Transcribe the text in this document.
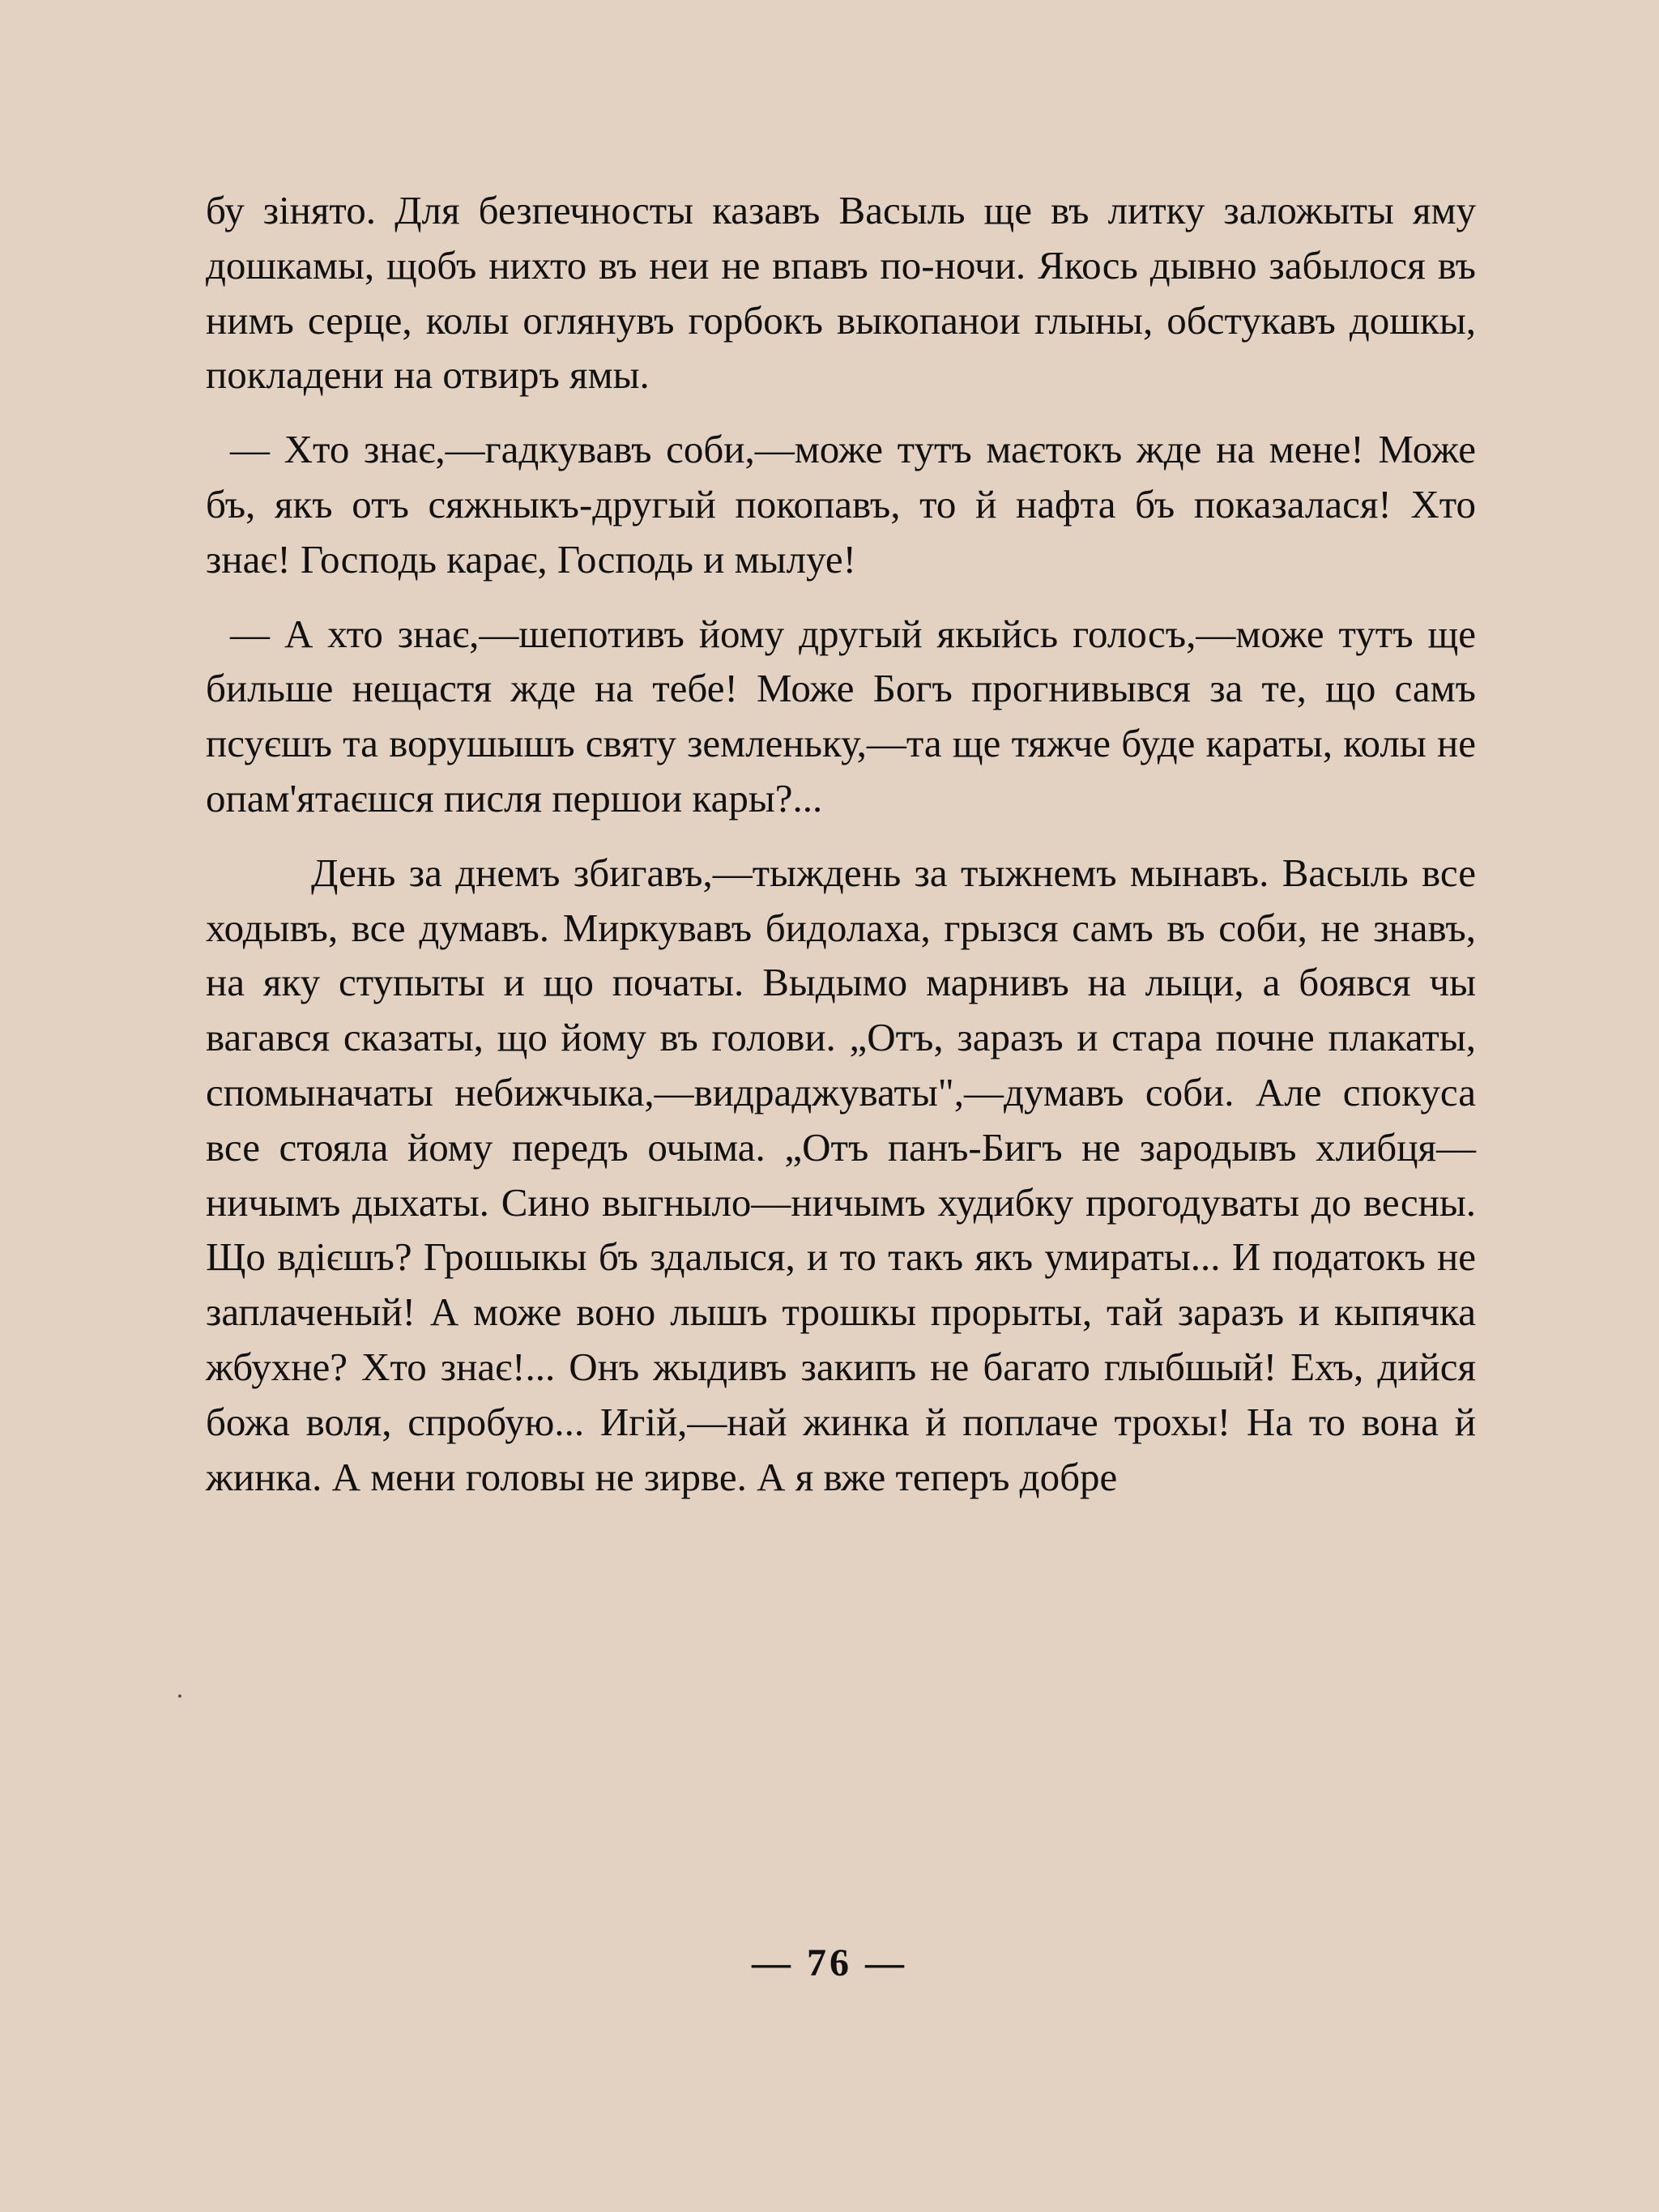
бу зiнято. Для безпечносты казавъ Васыль ще въ литку заложыты яму дошкамы, щобъ нихто въ неи не впавъ по-ночи. Якось дывно забылося въ нимъ серце, колы оглянувъ горбокъ выкопанои глыны, обстукавъ дошкы, покладени на отвиръ ямы.

— Хто знає,—гадкувавъ соби,—може тутъ маєтокъ жде на мене! Може бъ, якъ отъ сяжныкъ-другый покопавъ, то й нафта бъ показалася! Хто знає! Господь карає, Господь и мылуе!

— А хто знає,—шепотивъ йому другый якыйсь голосъ,—може тутъ ще бильше нещастя жде на тебе! Може Богъ прогнивывся за те, що самъ псуєшъ та ворушышъ святу земленьку,—та ще тяжче буде караты, колы не опам'ятаєшся писля першои кары?...

День за днемъ збигавъ,—тыждень за тыжнемъ мынавъ. Васыль все ходывъ, все думавъ. Миркувавъ бидолаха, грызся самъ въ соби, не знавъ, на яку ступыты и що почaты. Выдымо марнивъ на лыци, а боявся чы вагався сказаты, що йому въ голови. „Отъ, заразъ и стара почне плакаты, спомыначаты небижчыка,—видраджуваты",—думавъ соби. Але спокуса все стояла йому передъ очыма. „Отъ панъ-Бигъ не зародывъ хлибця—ничымъ дыхаты. Сино выгныло—ничымъ худибку прогодуваты до весны. Що вдієшъ? Грошыкы бъ здалыся, и то такъ якъ умираты... И податокъ не заплаченый! А може воно лышъ трошкы прорыты, тай заразъ и кыпячка жбухне? Хто знає!... Онъ жыдивъ закипъ не багато глыбшый! Ехъ, дийся божа воля, спробую... Игiй,—най жинка й поплаче трохы! На то вона й жинка. А мени головы не зирве. А я вже теперъ добре

— 76 —
